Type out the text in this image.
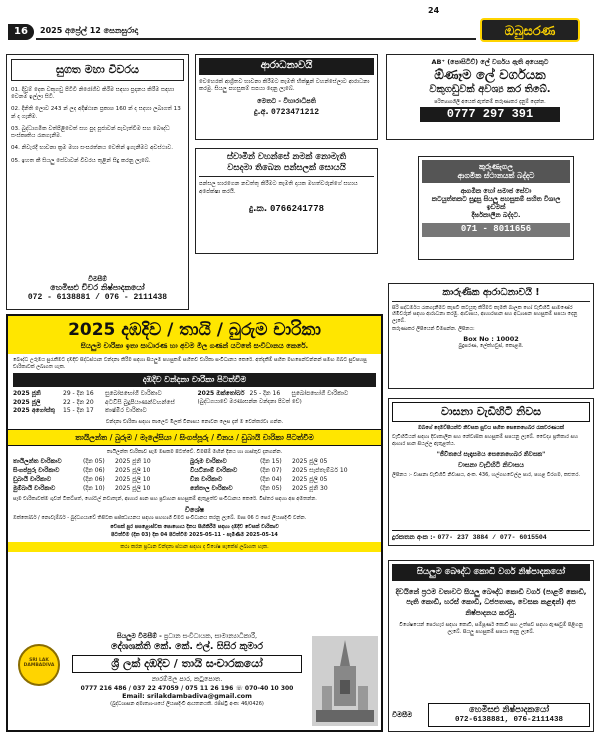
16	2025 අප්‍රේල් 12 සෙනසුරාදා
24
ඔබුසරණ
සුගත මහා විවරය
01. දිවුම් දෙක වකුගඩු පිටිවී නිරෝගීව කිරීම සඳහා ප්‍රදානය කිරීම සඳහා වෙනම ඉල්ලා සිටී.
02. දිනිති ලොව 243 න් ලද අදිෂ්ඨාන ප්‍රකාශ 160 න් ද සදහා ලබාගත් 13 න් ද ගැනීම.
03. බුද්ධාගමික වත්පිළිවෙත් සහ පුද පූජාවන් පැවැත්වීම සහ බෞද්ධ සංස්කෘතිය රැකගැනීම.
04. නිවැරදි භාවනා ක්‍රම මහා සංඝරත්නය වෙතින් ඉගැනීමට අවස්ථාව.
05. ඉහත කී සියලු සේවාවන් විවරය තුළින් සිදු කරනු ලැබේ.
විමසීම්
හෙමිසළු චීවර නිෂ්පාදකයෝ
072 - 6138881 / 076 - 2111438
ආරාධනාවයි
වෙහෙරක් ආශ්‍රිතව භාවනා කිරීමට කැමති භික්ෂූන් වහන්සේලාට ආරාධනා කරමු. සියලු පහසුකම් සපයා දෙනු ලැබේ.
මෙතට - විහාරාධිපති
දු.අ. 0723471212
AB⁺ (පොසිටිව්) ලේ වර්ගය ඇති අයෙකුට
ඕණෑම ලේ වර්ගයක
වකුගඩුවක් අවශ්‍ය කර තිබේ.
පරිත්‍යාගශීලී අයෙක් ඇත්නම් කරුණාකර දැනුම් දෙන්න.
0777 297 391
ස්වාමීන් වහන්සේ නමක් නොමැති
වසදමා තිබෙන පන්සලක් සොයයි
පන්සල භාරගෙන නඩත්තු කිරීමට කැමති දායක මහත්වරුන්ගේ සහාය අපේක්ෂා කරයි.
දු.ක. 0766241778
කුරුණෑගල
ආගමික ස්ථානයක් බද්දට
ආගමික හෝ සමාජ සේවා
කටයුත්තකට සුදුසු සියලු පහසුකම් සහිත විශාල ඉඩමක්
දීර්ඝකාලීන බද්දට.
071 - 8011656
කාරුණික ආරාධනාවයි !
සිරි සද්ධර්මය රැකගැනීමට කැපවී කටයුතු කිරීමට කැමති බාලක හෝ වැඩිහිටි සාමණේර හිමිවරුන් සඳහා ආරාධනා කරමු. ආවාසය, ආහාරපාන සහ අධ්‍යාපන පහසුකම් සපයා දෙනු ලැබේ.
කරුණාකර ලිපියෙන් විමසන්න. ලිපිනය:
Box No : 10002
බුදුසරණ, ලේක්හවුස්, කොළඹ.
2025 දඹදිව / තායි / බුරුම චාරිකා
සියලුම චාරිකා ඉතා සාධාරණ හා අවම මිල ගණන් යටතේ සංවිධානය කෙරේ.
බෞද්ධ උරුමය සුරැකීමට දඹදිව සිද්ධස්ථාන වන්දනා කිරීම සඳහා සියලුම පහසුකම් සහිතව චාරිකා සංවිධානය කෙරේ. අත්දැකීම් සහිත මඟපෙන්වන්නන් සමඟ ඔබට සුවපහසු චාරිකාවක් ලබාගත හැක.
දඹදිව වන්දනා චාරිකා පිටත්වීම
2025 ජූනි	29 - දින 16	සුඛෝපභෝගී චාරිකාව
2025 ජූලි	22 - දින 20	අටවිසි බුදුපියාණන්වහන්සේ
2025 අගෝස්තු	15 - දින 17	කාෂ්මීර චාරිකාව
2025 ඔක්තෝබර් 25 - දින 16	සුඛෝපභෝගී චාරිකාව
(බුද්ධගයාවේ මරණාසන්න වන්දනා පිටත් වේ)
වන්දනා චාරිකා සඳහා කාලෙට මිලක් විනාසය නොවන ලෙස දැන් ම වෙන්කරවා ගන්න.
තායිලන්ත / බුරුම / මැලේසියා / සිංගප්පූරු / චීනය / ඩුබායි චාරිකා පිටත්වීම
තායිලන්ත චාරිකාව සැම මසකම පිටත්වේ. විමසීම් මඟින් දිනය හා ගාස්තුව දැනගන්න.
තායිලන්ත චාරිකාව	(දින 05)	2025 ජූනි 10	බුරුම චාරිකාව	(දින 15)	2025 ජූලි 05
සිංගප්පූරු චාරිකාව	(දින 06)	2025 ජූලි 10	වියට්නාම් චාරිකාව	(දින 07)	2025 සැප්තැම්බර් 10
ඩුබායි චාරිකාව	(දින 06)	2025 ජූලි 10	චීන චාරිකාව	(දින 04)	2025 ජූලි 05
මුම්බායි චාරිකාව	(දින 10)	2025 ජූලි 10	නේපාල චාරිකාව	(දින 05)	2025 ජූනි 30
සෑම චාරිකාවක්ම ගුවන් ටිකට්පත්, හෝටල් නවාතැන්, ආහාර පාන සහ ප්‍රවාහන පහසුකම් ඇතුළත්ව සංවිධානය කෙරේ. විස්තර සඳහා අප අමතන්න.
විශේෂ
ඔක්තෝබර් / නොවැම්බර් - බුද්ධගයාවේ තිපිටක සජ්ඣායනය සඳහා සහභාගී වීමට සංවිධානය කරනු ලැබේ. මාස 06 ට පෙර ලියාපදිංචි වන්න.
වෙසක් පුර පසළොස්වක පොහොය දිනය සිහිකිරීම සඳහා දඹදිව වෙසක් චාරිකාව
පිටත්වීම (දින 03) දින 04 පිටත්වීම 2025-05-11 - පැමිණීම 2025-05-14
කථා කරන ප්‍රධාන වන්දනා ස්ථාන සඳහා ද විශේෂ පැකේජ ලබාගත හැක.
SRI LAK DAMBADIVA
සියලුම විමසීම් - ප්‍රධාන සංවිධායක, සාමාන්‍යාධිකාරී,
දේශශක්ති කේ. කේ. එල්. සිසිර කුමාර
ශ්‍රී ලක් දඹදිව / තායි සංචාරකයෝ
නාරම්මල පාර, කටුපොත.
0777 216 486 / 037 22 47059 / 075 11 26 196 ☏ 070-40 10 300
Email: srilakdambadiva@gmail.com
(බුද්ධශාසන අමාත්‍යාංශයේ ලියාපදිංචි ආයතනයකි. රජිස්ට්‍රි අංක: 46/0426)
වාසනා වැඩිහිටි නිවස
ඔබගේ දෙමව්පියන්ට නිවසක සුවය සහිත සෙනෙහෙබර රැකවරණයක්
වැඩිහිටියන් සඳහා දිවාකාලීන සහ නේවාසික පහසුකම් සපයනු ලැබේ. වෛද්‍ය ප්‍රතිකාර සහ ආහාර පාන සියල්ල ඇතුළත්ය.
"ජීවිතයේ සැඳෑසමය සෙනෙහෙබර නිවසක"
වාසනා වැඩිහිටි නිවාසය
ලිපිනය :- වාසනා වැඩිහිටි නිවාසය, අංක. 436, හල්ගහවෙල්ල පාර, පහළ වීරගම, කළුතර.
දුරකතන අංක :- 077- 237 3884 / 077- 6015504
සියලුම බෞද්ධ කොඩි වර්ග නිෂ්පාදකයෝ
දිවයිනේ ප්‍රථම වතාවට සියලු බෞද්ධ කොඩි වර්ග (පාළම් කොඩි, පැති කොඩි, හරස් කොඩි, ධජපතාක, වෙසක කළඳන්) අප නිෂ්පාදනය කරමු.
විශේෂයෙන් පෙරහැර සඳහා කොඩි, සම්පූර්ණ කොඩි සහ උත්සව සඳහා ඇණවුම් පිළිගනු ලැබේ. සියලු පහසුකම් සපයා දෙනු ලැබේ.
විමසීම	හෙමිසළු නිෂ්පාදකයෝ
072-6138881, 076-2111438
